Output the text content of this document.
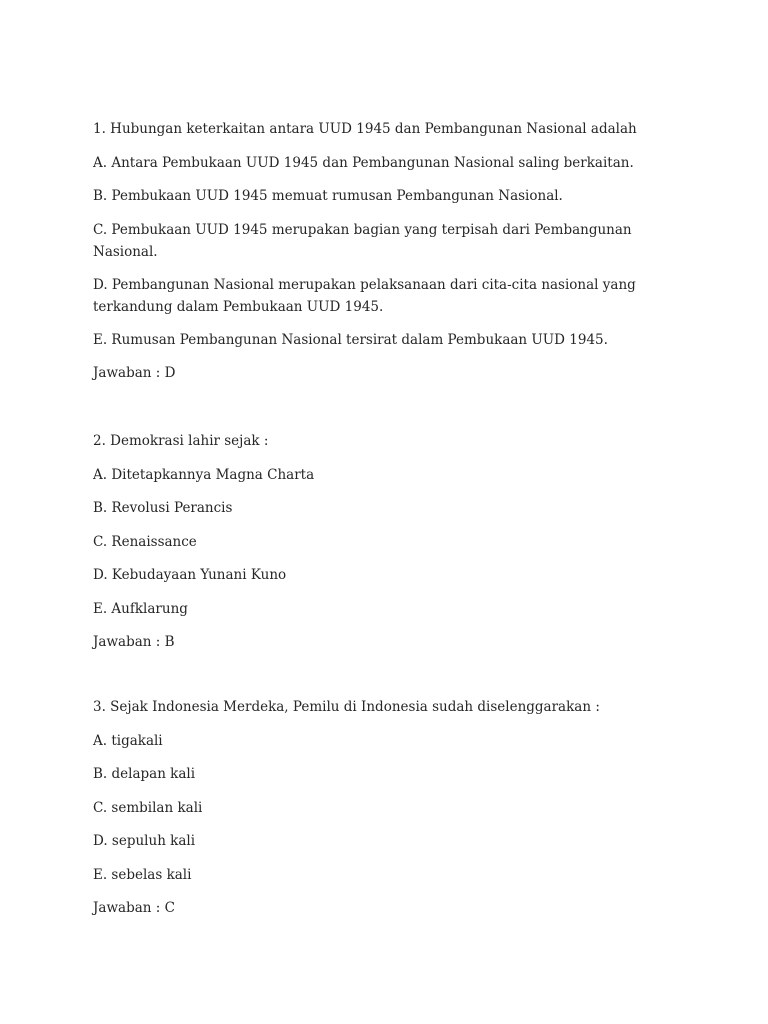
1. Hubungan keterkaitan antara UUD 1945 dan Pembangunan Nasional adalah

A. Antara Pembukaan UUD 1945 dan Pembangunan Nasional saling berkaitan.

B. Pembukaan UUD 1945 memuat rumusan Pembangunan Nasional.

C. Pembukaan UUD 1945 merupakan bagian yang terpisah dari Pembangunan Nasional.

D. Pembangunan Nasional merupakan pelaksanaan dari cita-cita nasional yang terkandung dalam Pembukaan UUD 1945.

E. Rumusan Pembangunan Nasional tersirat dalam Pembukaan UUD 1945.

Jawaban : D

2. Demokrasi lahir sejak :

A. Ditetapkannya Magna Charta

B. Revolusi Perancis

C. Renaissance

D. Kebudayaan Yunani Kuno

E. Aufklarung

Jawaban : B

3. Sejak Indonesia Merdeka, Pemilu di Indonesia sudah diselenggarakan :

A. tigakali

B. delapan kali

C. sembilan kali

D. sepuluh kali

E. sebelas kali

Jawaban : C
